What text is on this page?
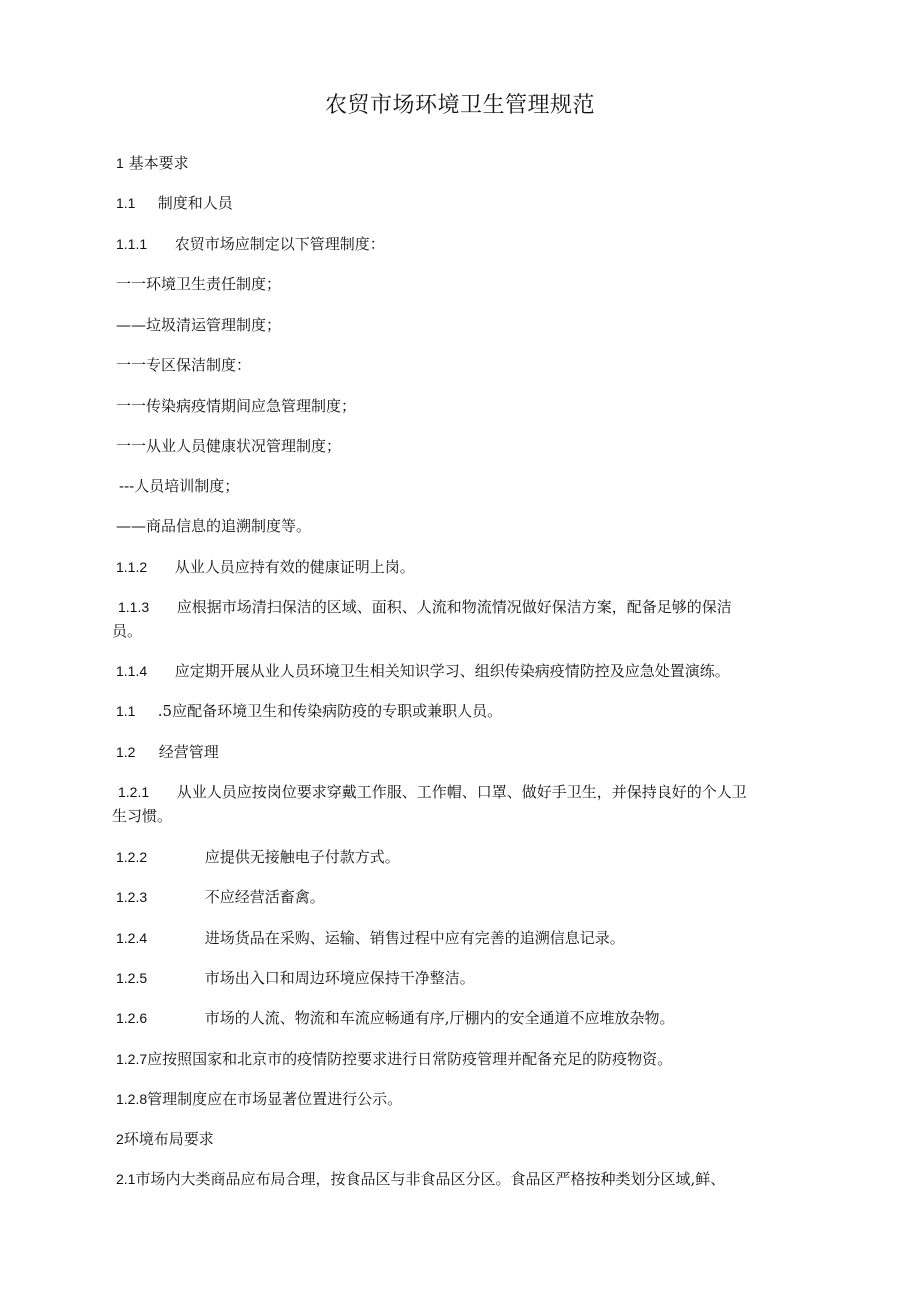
农贸市场环境卫生管理规范
1 基本要求
1.1 制度和人员
1.1.1 农贸市场应制定以下管理制度：
一一环境卫生责任制度；
——垃圾清运管理制度；
一一专区保洁制度：
一一传染病疫情期间应急管理制度；
一一从业人员健康状况管理制度；
---人员培训制度；
——商品信息的追溯制度等。
1.1.2 从业人员应持有效的健康证明上岗。
1.1.3 应根据市场清扫保洁的区域、面积、人流和物流情况做好保洁方案，配备足够的保洁
员。
1.1.4 应定期开展从业人员环境卫生相关知识学习、组织传染病疫情防控及应急处置演练。
1.1 .5应配备环境卫生和传染病防疫的专职或兼职人员。
1.2 经营管理
1.2.1 从业人员应按岗位要求穿戴工作服、工作帽、口罩、做好手卫生，并保持良好的个人卫
生习惯。
1.2.2	应提供无接触电子付款方式。
1.2.3	不应经营活畜禽。
1.2.4	进场货品在采购、运输、销售过程中应有完善的追溯信息记录。
1.2.5	市场出入口和周边环境应保持干净整洁。
1.2.6	市场的人流、物流和车流应畅通有序,厅棚内的安全通道不应堆放杂物。
1.2.7应按照国家和北京市的疫情防控要求进行日常防疫管理并配备充足的防疫物资。
1.2.8管理制度应在市场显著位置进行公示。
2环境布局要求
2.1市场内大类商品应布局合理，按食品区与非食品区分区。食品区严格按种类划分区域,鲜、
